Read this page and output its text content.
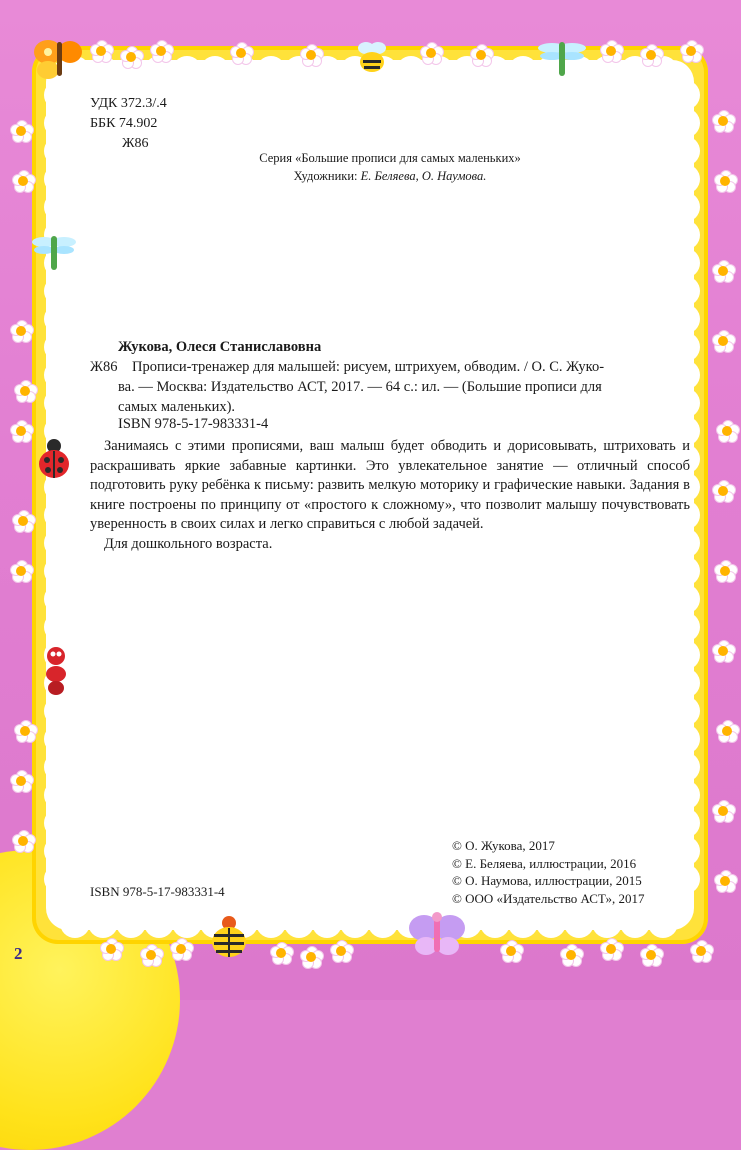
УДК 372.3/.4
ББК 74.902
Ж86
Серия «Большие прописи для самых маленьких»
Художники: Е. Беляева, О. Наумова.
Жукова, Олеся Станиславовна
Ж86	Прописи-тренажер для малышей: рисуем, штрихуем, обводим. / О. С. Жуко-
ва. — Москва: Издательство АСТ, 2017. — 64 с.: ил. — (Большие прописи для
самых маленьких).
ISBN 978-5-17-983331-4

Занимаясь с этими прописями, ваш малыш будет обводить и дорисовывать, штриховать и раскрашивать яркие забавные картинки. Это увлекательное занятие — отличный способ подготовить руку ребёнка к письму: развить мелкую моторику и графические навыки. Задания в книге построены по принципу от «простого к сложному», что позволит малышу почувствовать уверенность в своих силах и легко справиться с любой задачей.

Для дошкольного возраста.

© О. Жукова, 2017
© Е. Беляева, иллюстрации, 2016
© О. Наумова, иллюстрации, 2015
© ООО «Издательство АСТ», 2017
ISBN 978-5-17-983331-4
2
